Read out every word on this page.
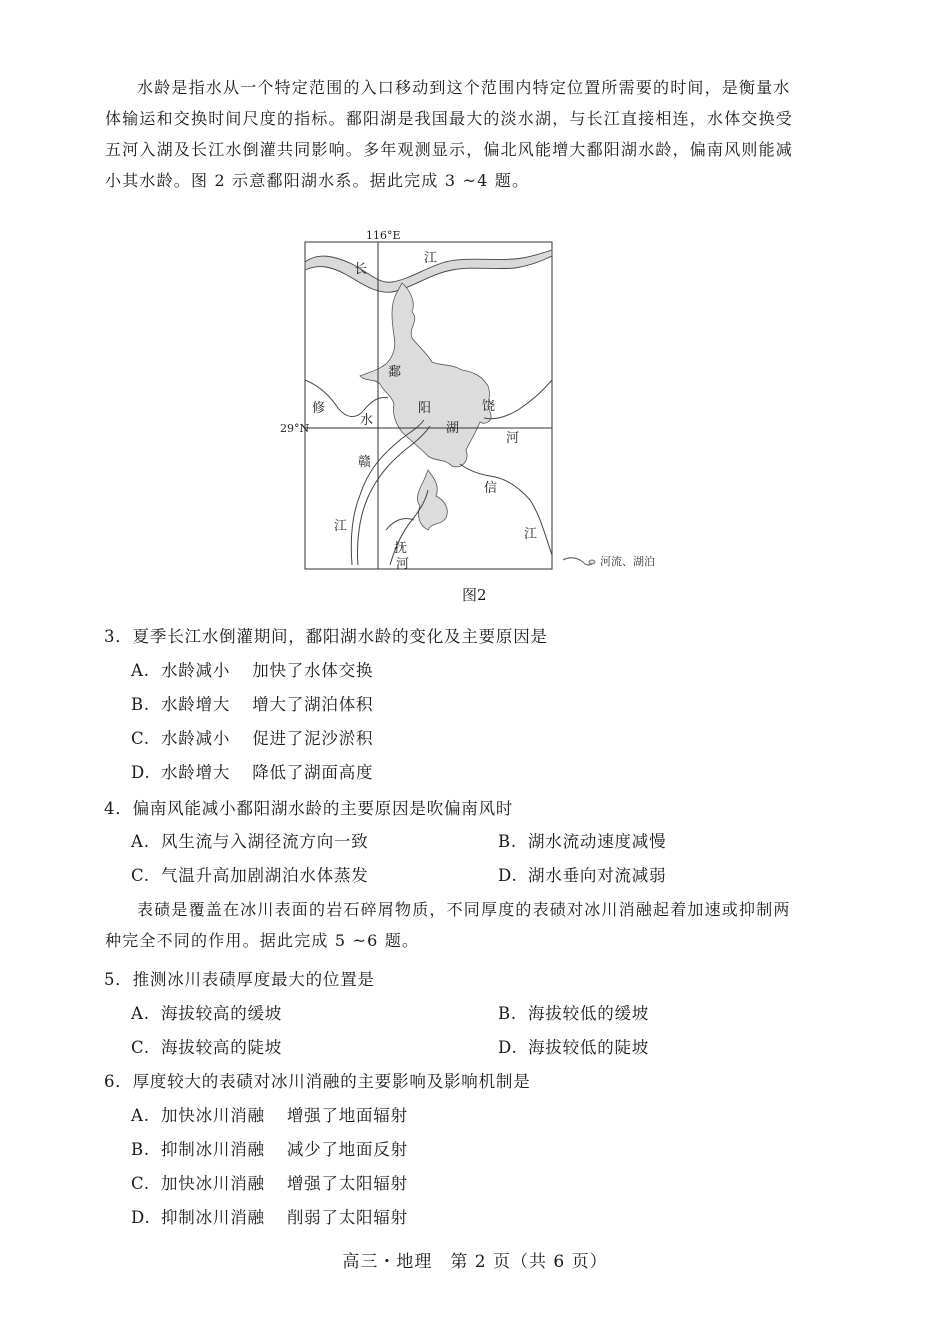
水龄是指水从一个特定范围的入口移动到这个范围内特定位置所需要的时间，是衡量水
体输运和交换时间尺度的指标。鄱阳湖是我国最大的淡水湖，与长江直接相连，水体交换受
五河入湖及长江水倒灌共同影响。多年观测显示，偏北风能增大鄱阳湖水龄，偏南风则能减
小其水龄。图 2 示意鄱阳湖水系。据此完成 3 ~4 题。
116°E
29°N
长
江
鄱
阳
湖
饶
河
修
水
赣
江
信
江
抚
河	河流、湖泊
图2
3．夏季长江水倒灌期间，鄱阳湖水龄的变化及主要原因是
A. 水龄减小 加快了水体交换
B. 水龄增大 增大了湖泊体积
C. 水龄减小 促进了泥沙淤积
D. 水龄增大 降低了湖面高度
4．偏南风能减小鄱阳湖水龄的主要原因是吹偏南风时
A. 风生流与入湖径流方向一致	B. 湖水流动速度减慢
C. 气温升高加剧湖泊水体蒸发	D. 湖水垂向对流减弱
表碛是覆盖在冰川表面的岩石碎屑物质，不同厚度的表碛对冰川消融起着加速或抑制两
种完全不同的作用。据此完成 5 ~6 题。
5．推测冰川表碛厚度最大的位置是
A. 海拔较高的缓坡	B. 海拔较低的缓坡
C. 海拔较高的陡坡	D. 海拔较低的陡坡
6．厚度较大的表碛对冰川消融的主要影响及影响机制是
A. 加快冰川消融 增强了地面辐射
B. 抑制冰川消融 减少了地面反射
C. 加快冰川消融 增强了太阳辐射
D. 抑制冰川消融 削弱了太阳辐射
高三・地理　第 2 页（共 6 页）
